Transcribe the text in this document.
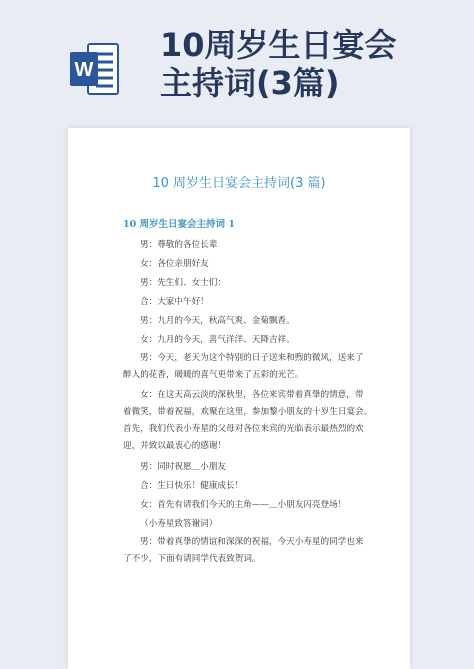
W
10周岁生日宴会
主持词(3篇)
10 周岁生日宴会主持词(3 篇)
10 周岁生日宴会主持词 1
男：尊敬的各位长辈
女：各位亲朋好友
男：先生们、女士们：
合：大家中午好！
男：九月的今天，秋高气爽、金菊飘香。
女：九月的今天，喜气洋洋、天降吉祥。
男：今天，老天为这个特别的日子送来和煦的微风，送来了
醉人的花香，暖暖的喜气更带来了五彩的光芒。
女：在这天高云淡的深秋里，各位来宾带着真挚的情意，带
着微笑，带着祝福，欢聚在这里，参加黎小朋友的十岁生日宴会。
首先，我们代表小寿星的父母对各位来宾的光临表示最热烈的欢
迎，并致以最衷心的感谢！
男：同时祝愿＿小朋友
合：生日快乐！健康成长！
女：首先有请我们今天的主角——＿小朋友闪亮登场！
（小寿星致答谢词）
男：带着真挚的情谊和深深的祝福，今天小寿星的同学也来
了不少，下面有请同学代表致贺词。
